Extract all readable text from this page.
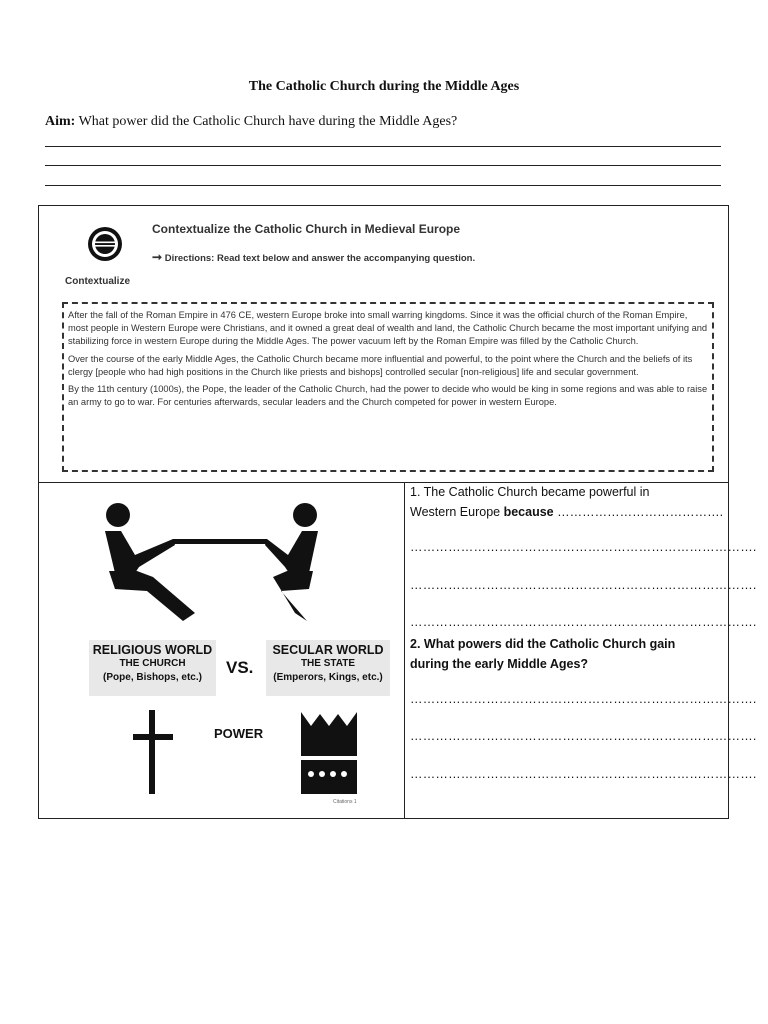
The Catholic Church during the Middle Ages
Aim: What power did the Catholic Church have during the Middle Ages?
Contextualize
Contextualize the Catholic Church in Medieval Europe
➞ Directions: Read text below and answer the accompanying question.

After the fall of the Roman Empire in 476 CE, western Europe broke into small warring kingdoms. Since it was the official church of the Roman Empire, most people in Western Europe were Christians, and it owned a great deal of wealth and land, the Catholic Church became the most important unifying and stabilizing force in western Europe during the Middle Ages. The power vacuum left by the Roman Empire was filled by the Catholic Church.

Over the course of the early Middle Ages, the Catholic Church became more influential and powerful, to the point where the Church and the beliefs of its clergy [people who had high positions in the Church like priests and bishops] controlled secular [non-religious] life and secular government.

By the 11th century (1000s), the Pope, the leader of the Catholic Church, had the power to decide who would be king in some regions and was able to raise an army to go to war. For centuries afterwards, secular leaders and the Church competed for power in western Europe.

RELIGIOUS WORLD
THE CHURCH
(Pope, Bishops, etc.)
VS.
SECULAR WORLD
THE STATE
(Emperors, Kings, etc.)
POWER
Citations 1
1. The Catholic Church became powerful in
Western Europe because ………………………………….
……………………………………………………………………….
……………………………………………………………………….
……………………………………………………………………….
2. What powers did the Catholic Church gain
during the early Middle Ages?
……………………………………………………………………….
……………………………………………………………………….
……………………………………………………………………….
